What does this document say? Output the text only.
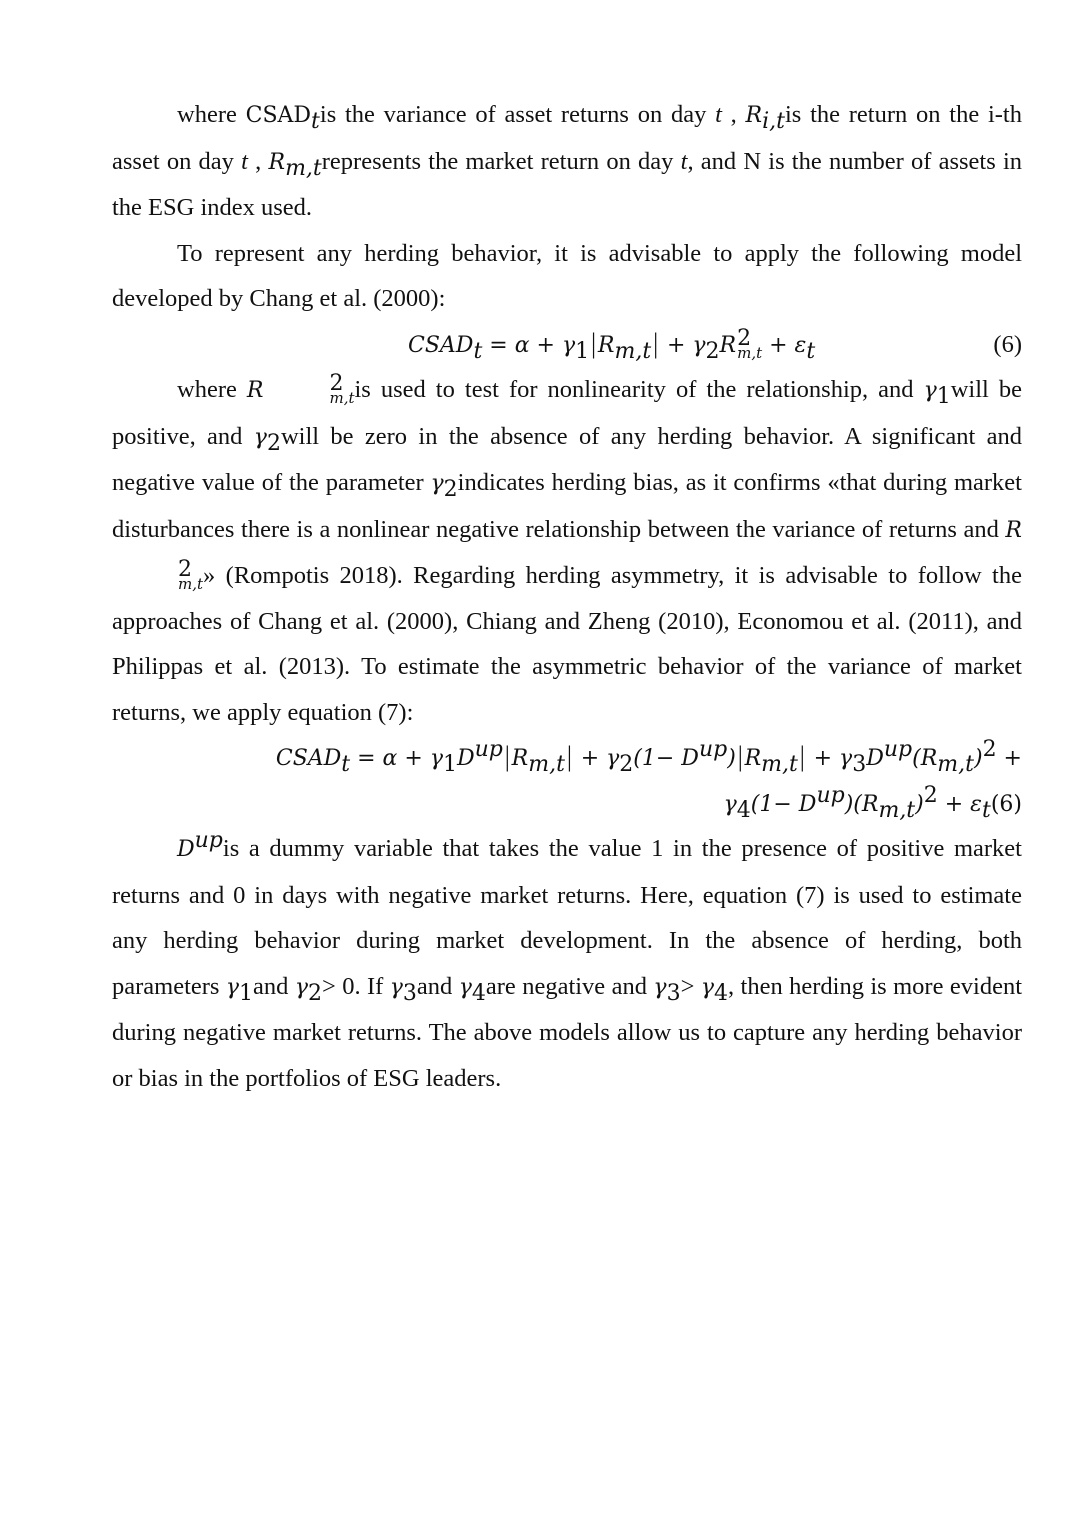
where $CSAD_tis$ the variance of asset returns on day t , $R_{i,t}is$ the return on the i-th asset on day t , $R_{m,t}represents$ the market return on day t, and N is the number of assets in the ESG index used.

To represent any herding behavior, it is advisable to apply the following model developed by Chang et al. (2000):

$CSAD_t = \alpha + \gamma_1|R_{m,t}| + \gamma_2R$ 2
$m,t + \varepsilon_t$	(6)

where R	2
m,t is used to test for nonlinearity of the relationship, and $\gamma_1will$ be positive, and $\gamma_2will$ be zero in the absence of any herding behavior. A significant and negative value of the parameter $\gamma_2indicates$ herding bias, as it confirms «that during market disturbances there is a nonlinear negative relationship between the variance of returns and R
2
m,t » (Rompotis 2018). Regarding herding asymmetry, it is advisable to follow the approaches of Chang et al. (2000), Chiang and Zheng (2010), Economou et al. (2011), and Philippas et al. (2013). To estimate the asymmetric behavior of the variance of market returns, we apply equation (7):

$CSAD_t = \alpha + \gamma_1D^{up}|R_{m,t}| + \gamma_2(1- D^{up})|R_{m,t}| + \gamma_3D^{up}(R_{m,t})^2$ +
$\gamma_4(1- D^{up})(R_{m,t})^2 + \varepsilon_t(6)$

$D^{up}is$ a dummy variable that takes the value 1 in the presence of positive market returns and 0 in days with negative market returns. Here, equation (7) is used to estimate any herding behavior during market development. In the absence of herding, both parameters $\gamma_1and$ $\gamma_2> 0$. If $\gamma_3and$ $\gamma_4are$ negative and $\gamma_3> \gamma_4$, then herding is more evident during negative market returns. The above models allow us to capture any herding behavior or bias in the portfolios of ESG leaders.
